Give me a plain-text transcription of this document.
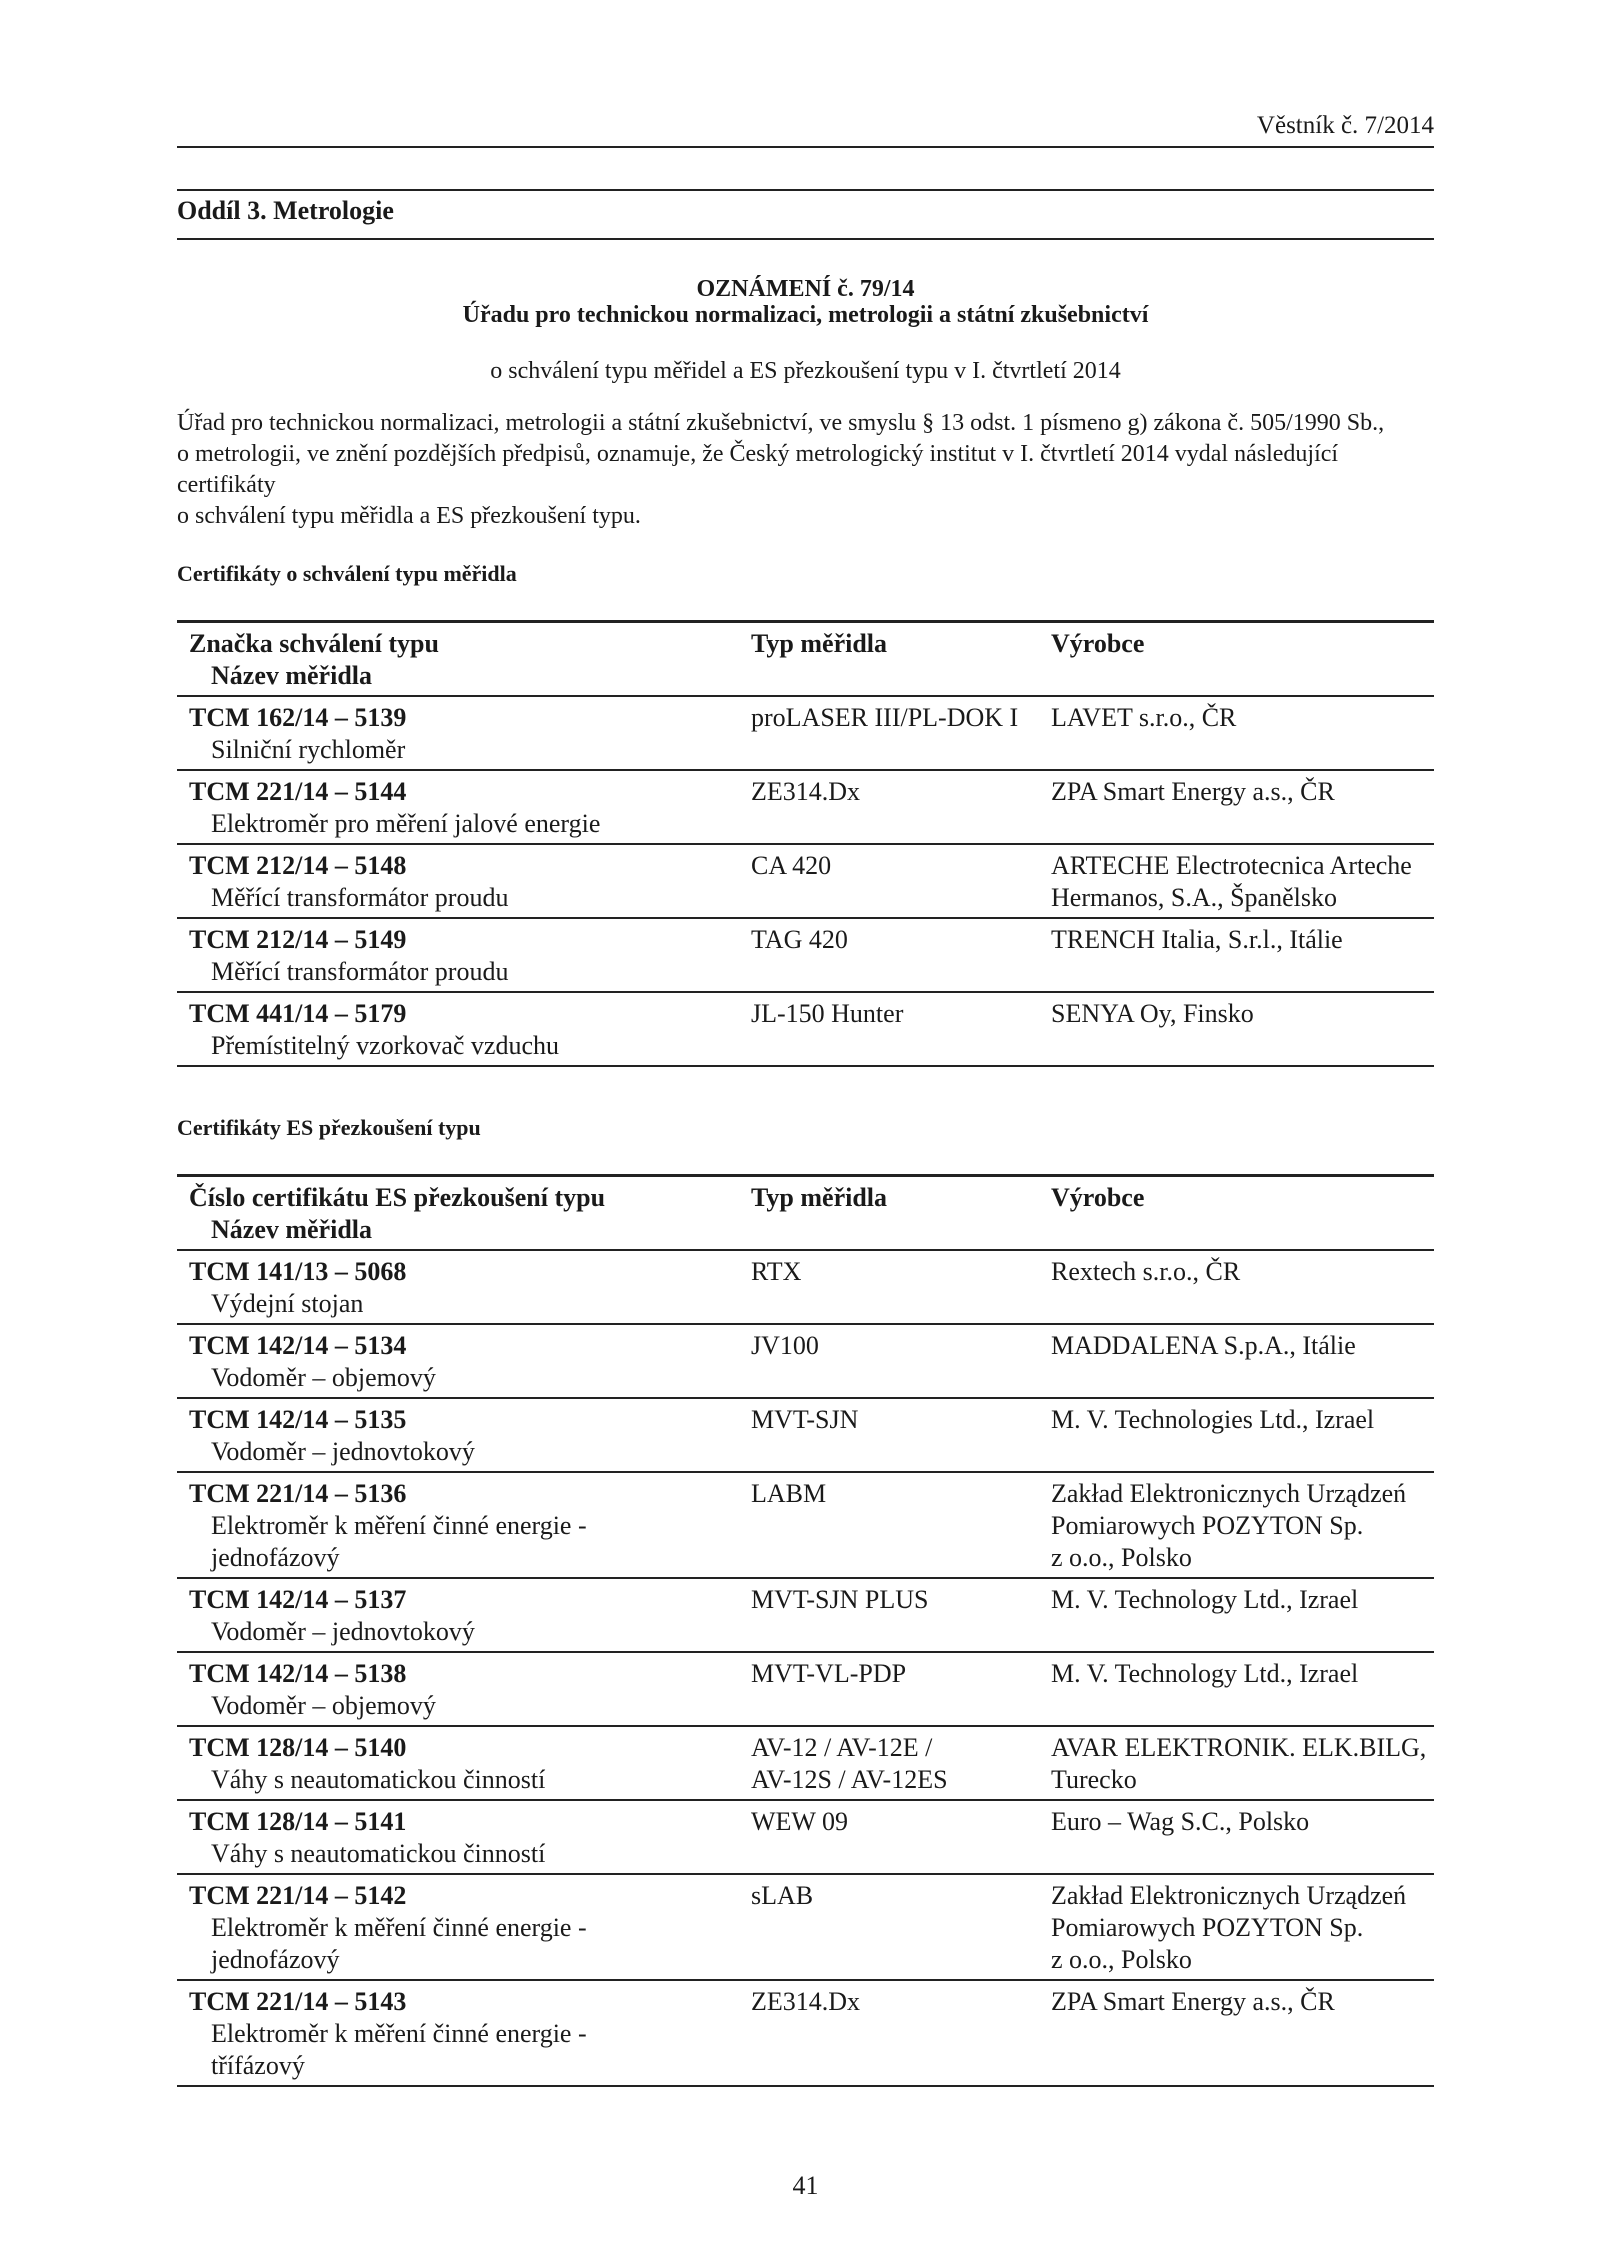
Věstník č. 7/2014
Oddíl 3. Metrologie
OZNÁMENÍ č. 79/14
Úřadu pro technickou normalizaci, metrologii a státní zkušebnictví
o schválení typu měřidel a ES přezkoušení typu v I. čtvrtletí 2014

Úřad pro technickou normalizaci, metrologii a státní zkušebnictví, ve smyslu § 13 odst. 1 písmeno g) zákona č. 505/1990 Sb.,

o metrologii, ve znění pozdějších předpisů, oznamuje, že Český metrologický institut v I. čtvrtletí 2014 vydal následující certifikáty

o schválení typu měřidla a ES přezkoušení typu.

Certifikáty o schválení typu měřidla
Značka schválení typu
Název měřidla	Typ měřidla	Výrobce

TCM 162/14 – 5139
Silniční rychloměr	proLASER III/PL-DOK I	LAVET s.r.o., ČR

TCM 221/14 – 5144
Elektroměr pro měření jalové energie	ZE314.Dx	ZPA Smart Energy a.s., ČR

TCM 212/14 – 5148
Měřící transformátor proudu	CA 420	ARTECHE Electrotecnica Arteche
Hermanos, S.A., Španělsko

TCM 212/14 – 5149
Měřící transformátor proudu	TAG 420	TRENCH Italia, S.r.l., Itálie

TCM 441/14 – 5179
Přemístitelný vzorkovač vzduchu	JL-150 Hunter	SENYA Oy, Finsko
Certifikáty ES přezkoušení typu
Číslo certifikátu ES přezkoušení typu
Název měřidla	Typ měřidla	Výrobce

TCM 141/13 – 5068
Výdejní stojan	RTX	Rextech s.r.o., ČR

TCM 142/14 – 5134
Vodoměr – objemový	JV100	MADDALENA S.p.A., Itálie

TCM 142/14 – 5135
Vodoměr – jednovtokový	MVT-SJN	M. V. Technologies Ltd., Izrael

TCM 221/14 – 5136
Elektroměr k měření činné energie -
jednofázový	LABM	Zakład Elektronicznych Urządzeń
Pomiarowych POZYTON Sp.
z o.o., Polsko

TCM 142/14 – 5137
Vodoměr – jednovtokový	MVT-SJN PLUS	M. V. Technology Ltd., Izrael

TCM 142/14 – 5138
Vodoměr – objemový	MVT-VL-PDP	M. V. Technology Ltd., Izrael

TCM 128/14 – 5140
Váhy s neautomatickou činností	AV-12 / AV-12E /
AV-12S / AV-12ES	AVAR ELEKTRONIK. ELK.BILG,
Turecko

TCM 128/14 – 5141
Váhy s neautomatickou činností	WEW 09	Euro – Wag S.C., Polsko

TCM 221/14 – 5142
Elektroměr k měření činné energie -
jednofázový	sLAB	Zakład Elektronicznych Urządzeń
Pomiarowych POZYTON Sp.
z o.o., Polsko

TCM 221/14 – 5143
Elektroměr k měření činné energie -
třífázový	ZE314.Dx	ZPA Smart Energy a.s., ČR
41
